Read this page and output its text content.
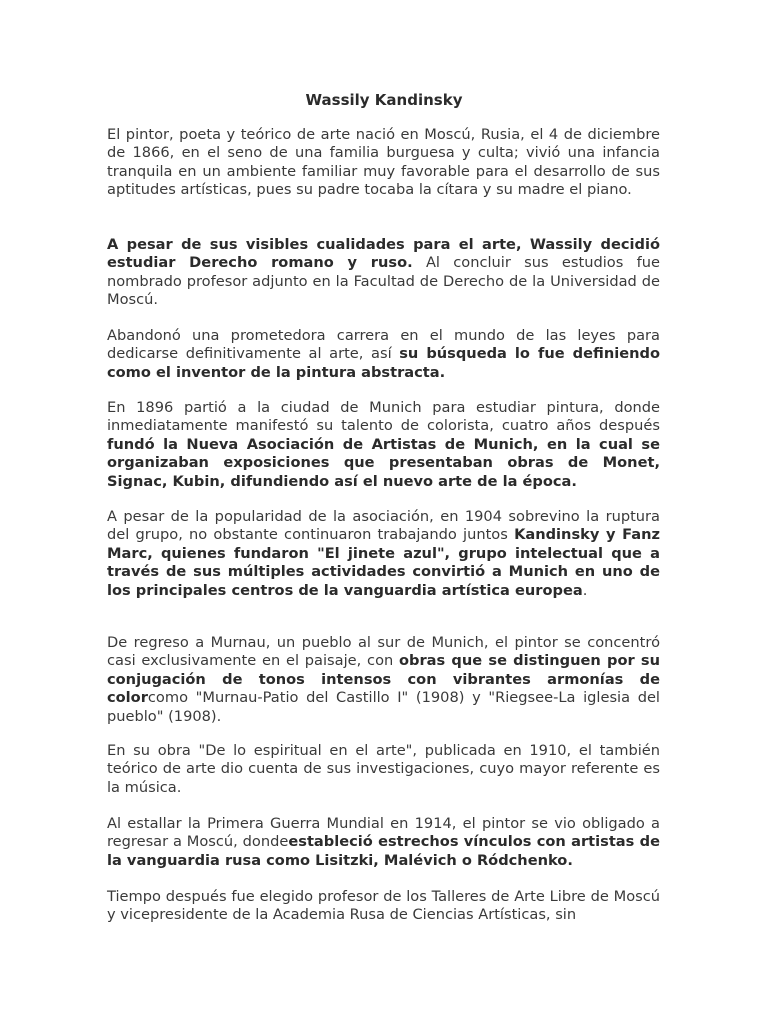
Wassily Kandinsky

El pintor, poeta y teórico de arte nació en Moscú, Rusia, el 4 de diciembre de 1866, en el seno de una familia burguesa y culta; vivió una infancia tranquila en un ambiente familiar muy favorable para el desarrollo de sus aptitudes artísticas, pues su padre tocaba la cítara y su madre el piano.

A pesar de sus visibles cualidades para el arte, Wassily decidió estudiar Derecho romano y ruso. Al concluir sus estudios fue nombrado profesor adjunto en la Facultad de Derecho de la Universidad de Moscú.

Abandonó una prometedora carrera en el mundo de las leyes para dedicarse definitivamente al arte, así su búsqueda lo fue definiendo como el inventor de la pintura abstracta.

En 1896 partió a la ciudad de Munich para estudiar pintura, donde inmediatamente manifestó su talento de colorista, cuatro años después fundó la Nueva Asociación de Artistas de Munich, en la cual se organizaban exposiciones que presentaban obras de Monet, Signac, Kubin, difundiendo así el nuevo arte de la época.

A pesar de la popularidad de la asociación, en 1904 sobrevino la ruptura del grupo, no obstante continuaron trabajando juntos Kandinsky y Fanz Marc, quienes fundaron "El jinete azul", grupo intelectual que a través de sus múltiples actividades convirtió a Munich en uno de los principales centros de la vanguardia artística europea.

De regreso a Murnau, un pueblo al sur de Munich, el pintor se concentró casi exclusivamente en el paisaje, con obras que se distinguen por su conjugación de tonos intensos con vibrantes armonías de colorcomo "Murnau-Patio del Castillo I" (1908) y "Riegsee-La iglesia del pueblo" (1908).

En su obra "De lo espiritual en el arte", publicada en 1910, el también teórico de arte dio cuenta de sus investigaciones, cuyo mayor referente es la música.

Al estallar la Primera Guerra Mundial en 1914, el pintor se vio obligado a regresar a Moscú, dondeestableció estrechos vínculos con artistas de la vanguardia rusa como Lisitzki, Malévich o Ródchenko.

Tiempo después fue elegido profesor de los Talleres de Arte Libre de Moscú y vicepresidente de la Academia Rusa de Ciencias Artísticas, sin
